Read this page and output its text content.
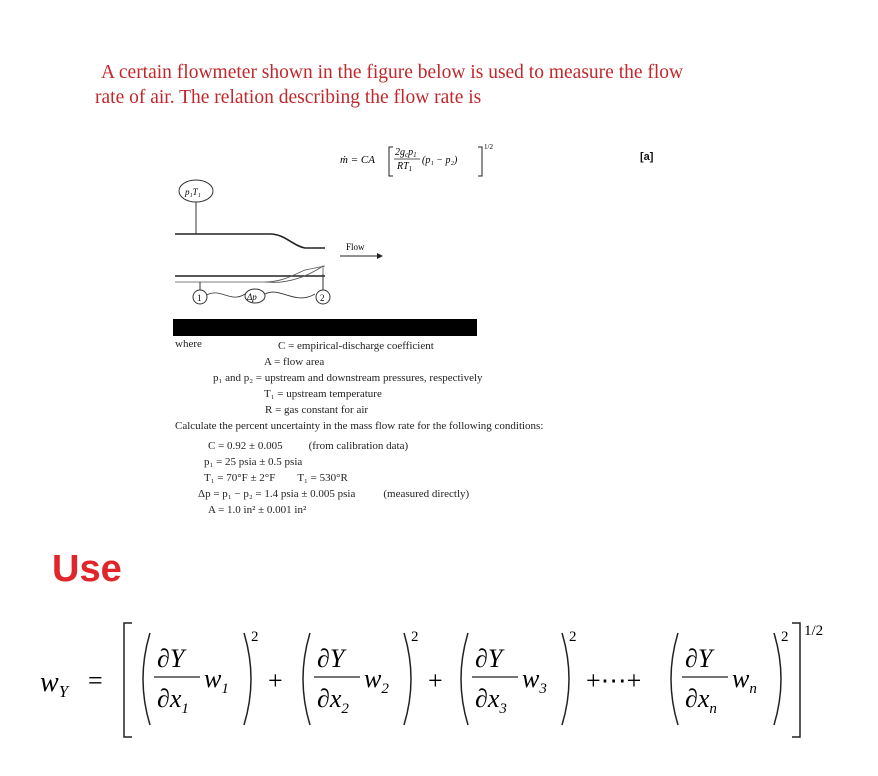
A certain flowmeter shown in the figure below is used to measure the flow
rate of air. The relation describing the flow rate is
ṁ = CA
$2g_cp_1$
$RT_1$
(p₁ − p₂)
1/2
[a]
p₁T₁
Flow
1	Δp	2
where	C = empirical-discharge coefficient
A = flow area
p₁ and p₂ = upstream and downstream pressures, respectively
T₁ = upstream temperature
R = gas constant for air
Calculate the percent uncertainty in the mass flow rate for the following conditions:
C = 0.92 ± 0.005 (from calibration data)
p₁ = 25 psia ± 0.5 psia
T₁ = 70°F ± 2°F T₁ = 530°R
Δp = p₁ − p₂ = 1.4 psia ± 0.005 psia	(measured directly)
A = 1.0 in² ± 0.001 in²
Use
$w_Y$ =
∂Y
$\partial x_1$
$w_1$
2
+
∂Y
$\partial x_2$
$w_2$
2
+
∂Y
$\partial x_3$
$w_3$
2
+⋯+
∂Y
$\partial x_n$
$w_n$
2 1/2
